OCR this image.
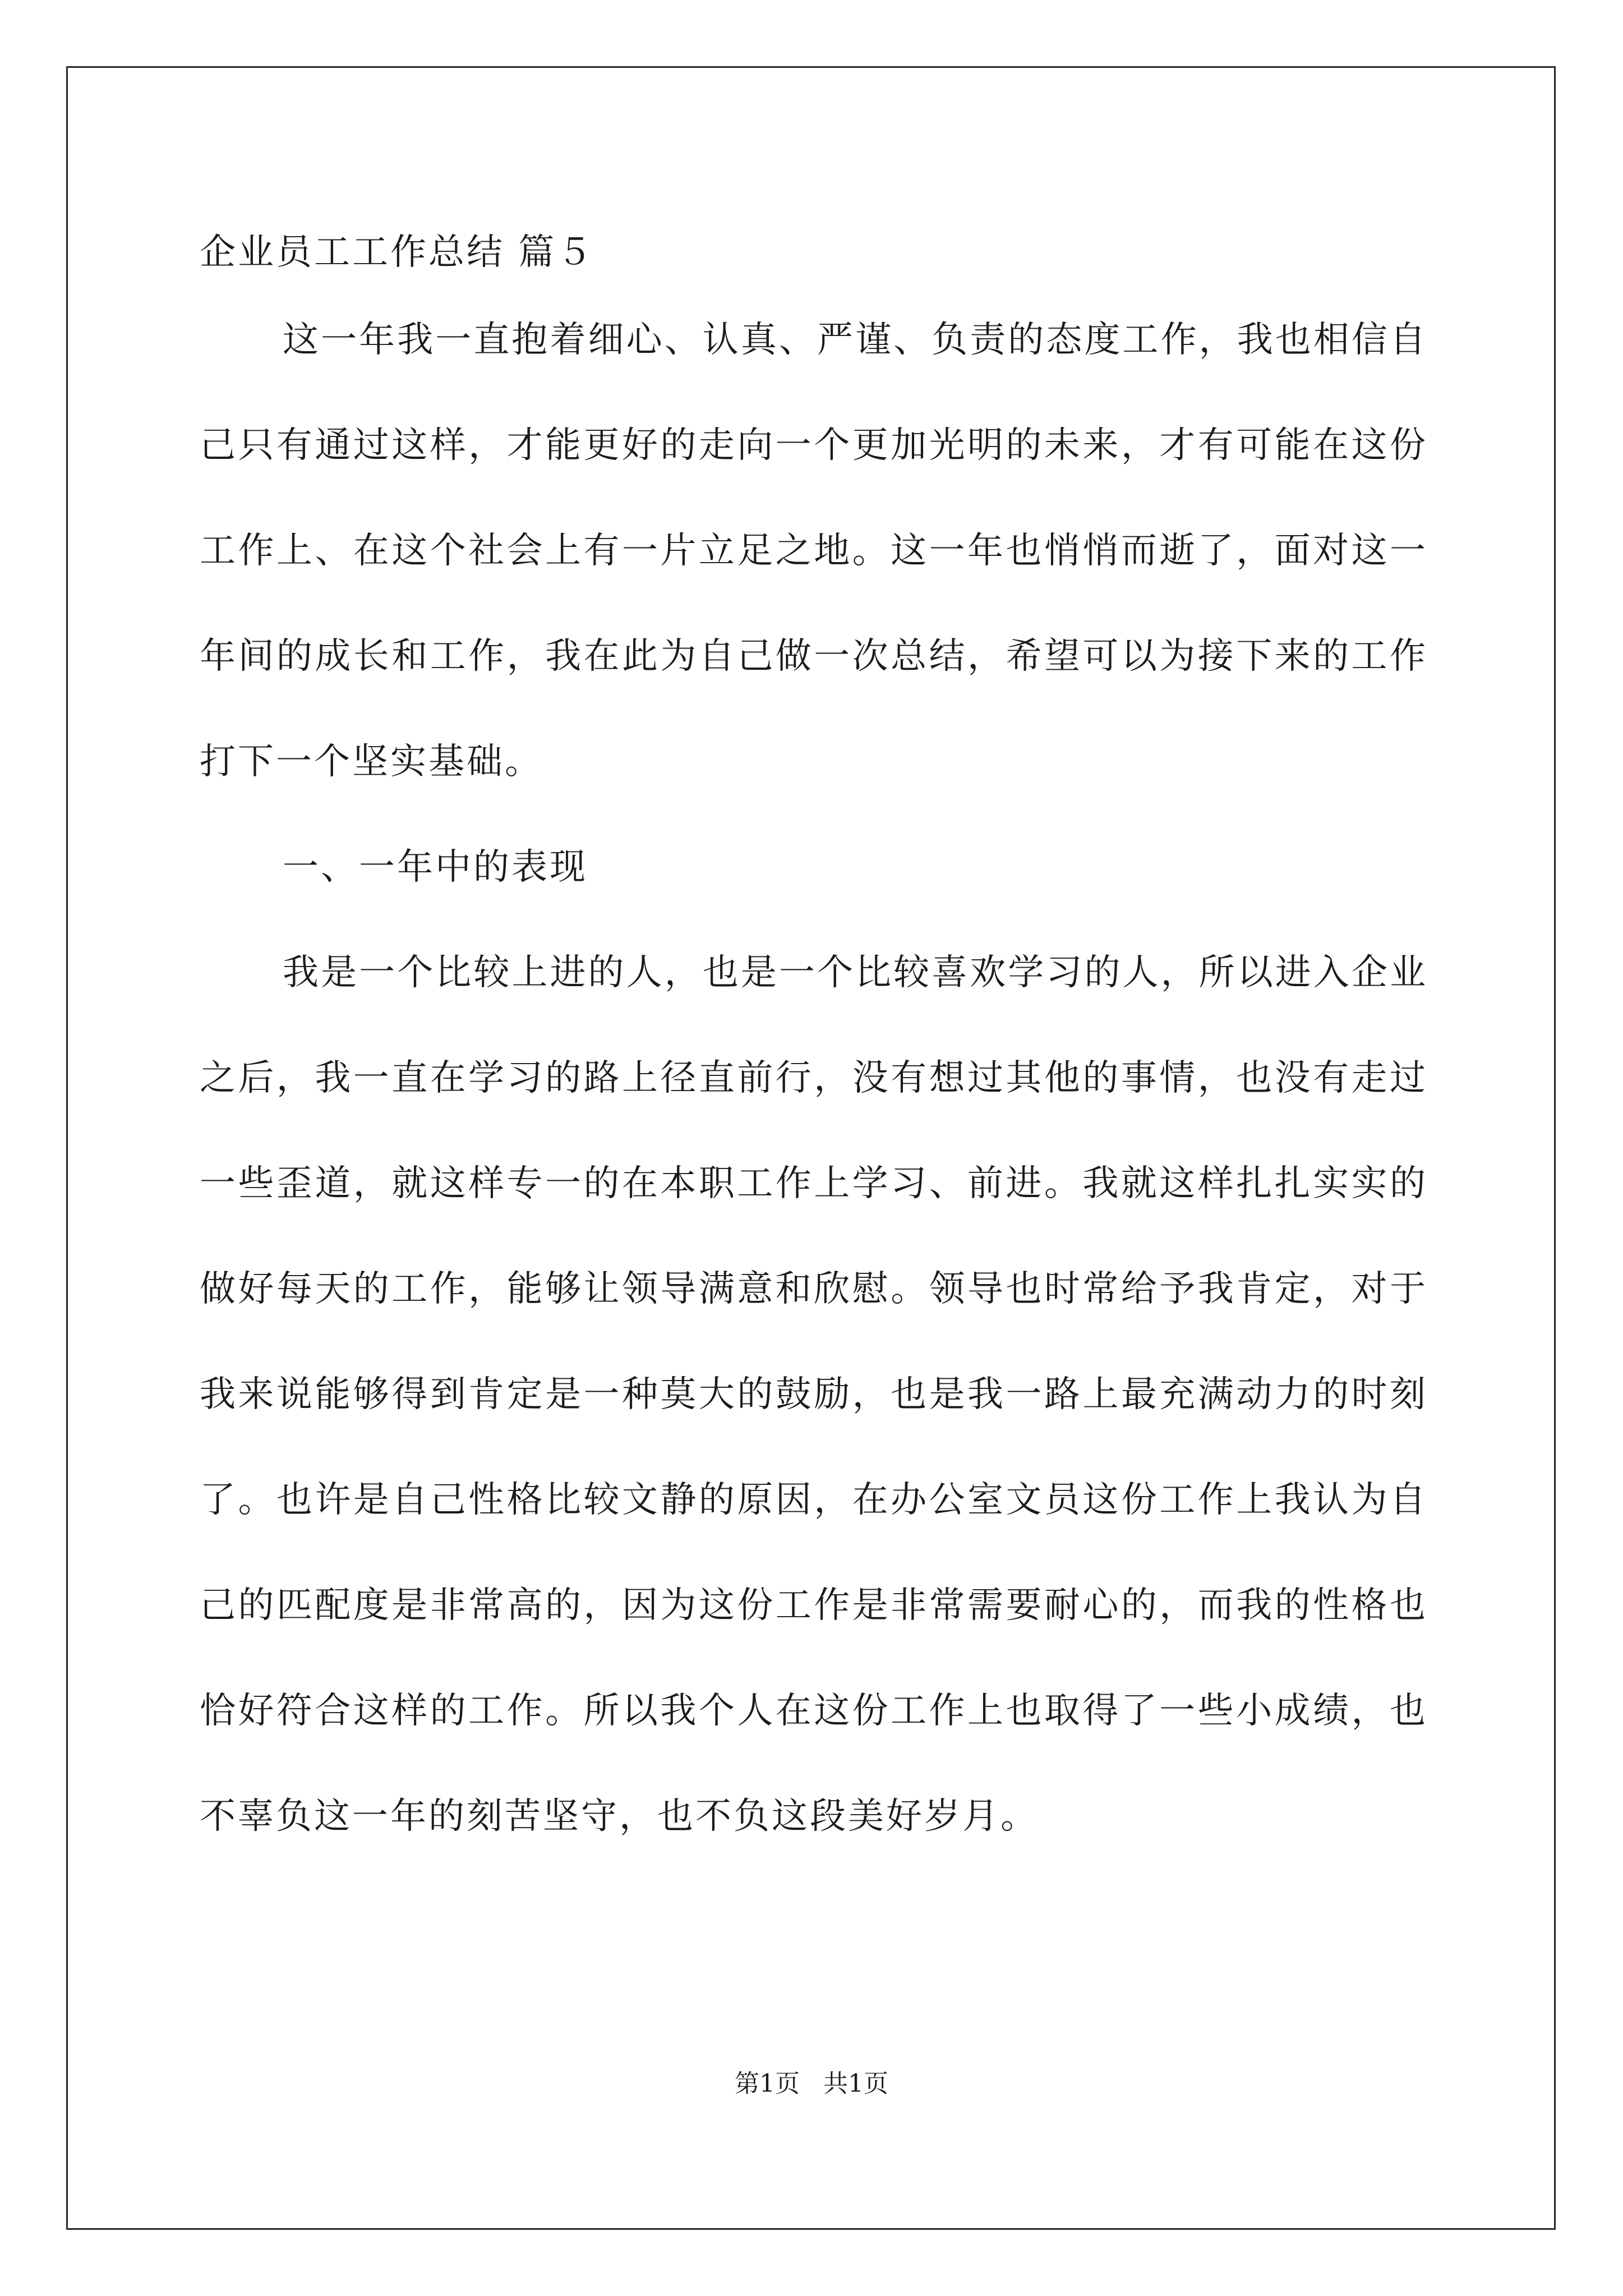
企业员工工作总结 篇５

这一年我一直抱着细心、认真、严谨、负责的态度工作，我也相信自己只有通过这样，才能更好的走向一个更加光明的未来，才有可能在这份工作上、在这个社会上有一片立足之地。这一年也悄悄而逝了，面对这一年间的成长和工作，我在此为自己做一次总结，希望可以为接下来的工作打下一个坚实基础。

一、一年中的表现

我是一个比较上进的人，也是一个比较喜欢学习的人，所以进入企业之后，我一直在学习的路上径直前行，没有想过其他的事情，也没有走过一些歪道，就这样专一的在本职工作上学习、前进。我就这样扎扎实实的做好每天的工作，能够让领导满意和欣慰。领导也时常给予我肯定，对于我来说能够得到肯定是一种莫大的鼓励，也是我一路上最充满动力的时刻了。也许是自己性格比较文静的原因，在办公室文员这份工作上我认为自己的匹配度是非常高的，因为这份工作是非常需要耐心的，而我的性格也恰好符合这样的工作。所以我个人在这份工作上也取得了一些小成绩，也不辜负这一年的刻苦坚守，也不负这段美好岁月。

第1页   共1页
